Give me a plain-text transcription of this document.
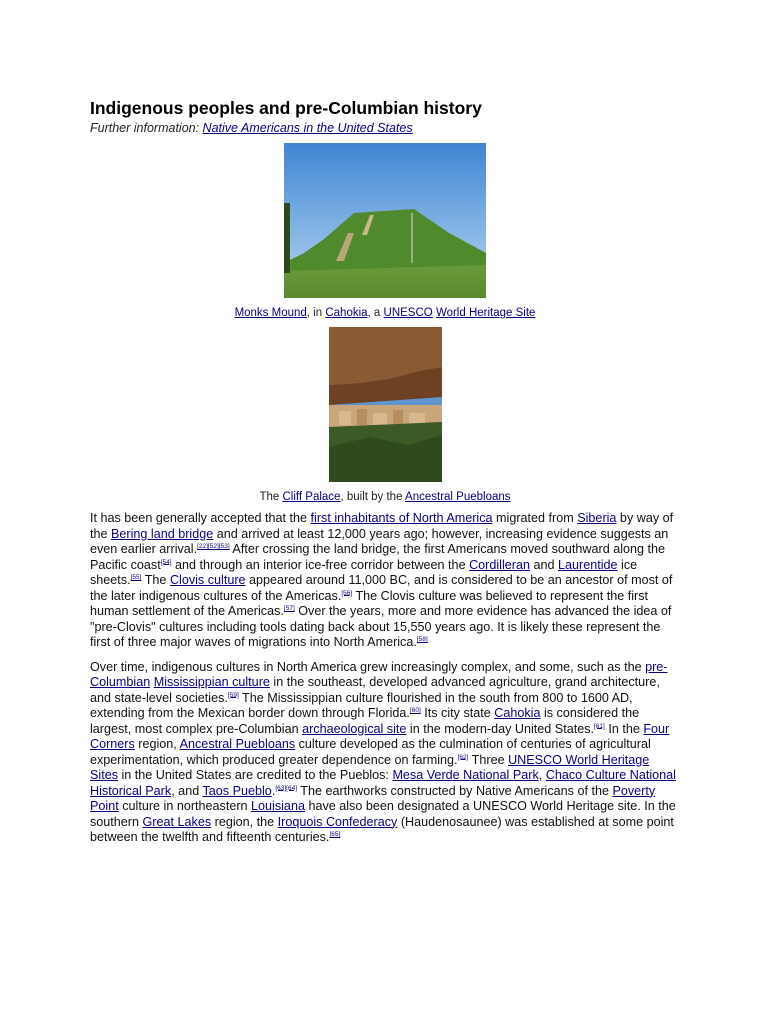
Indigenous peoples and pre-Columbian history
Further information: Native Americans in the United States
Monks Mound, in Cahokia, a UNESCO World Heritage Site
The Cliff Palace, built by the Ancestral Puebloans

It has been generally accepted that the first inhabitants of North America migrated from Siberia by way of the Bering land bridge and arrived at least 12,000 years ago; however, increasing evidence suggests an even earlier arrival.[22][52][53] After crossing the land bridge, the first Americans moved southward along the Pacific coast[54] and through an interior ice-free corridor between the Cordilleran and Laurentide ice sheets.[55] The Clovis culture appeared around 11,000 BC, and is considered to be an ancestor of most of the later indigenous cultures of the Americas.[56] The Clovis culture was believed to represent the first human settlement of the Americas.[57] Over the years, more and more evidence has advanced the idea of "pre-Clovis" cultures including tools dating back about 15,550 years ago. It is likely these represent the first of three major waves of migrations into North America.[58]

Over time, indigenous cultures in North America grew increasingly complex, and some, such as the pre-Columbian Mississippian culture in the southeast, developed advanced agriculture, grand architecture, and state-level societies.[59] The Mississippian culture flourished in the south from 800 to 1600 AD, extending from the Mexican border down through Florida.[60] Its city state Cahokia is considered the largest, most complex pre-Columbian archaeological site in the modern-day United States.[61] In the Four Corners region, Ancestral Puebloans culture developed as the culmination of centuries of agricultural experimentation, which produced greater dependence on farming.[62] Three UNESCO World Heritage Sites in the United States are credited to the Pueblos: Mesa Verde National Park, Chaco Culture National Historical Park, and Taos Pueblo.[63][64] The earthworks constructed by Native Americans of the Poverty Point culture in northeastern Louisiana have also been designated a UNESCO World Heritage site. In the southern Great Lakes region, the Iroquois Confederacy (Haudenosaunee) was established at some point between the twelfth and fifteenth centuries.[65]
